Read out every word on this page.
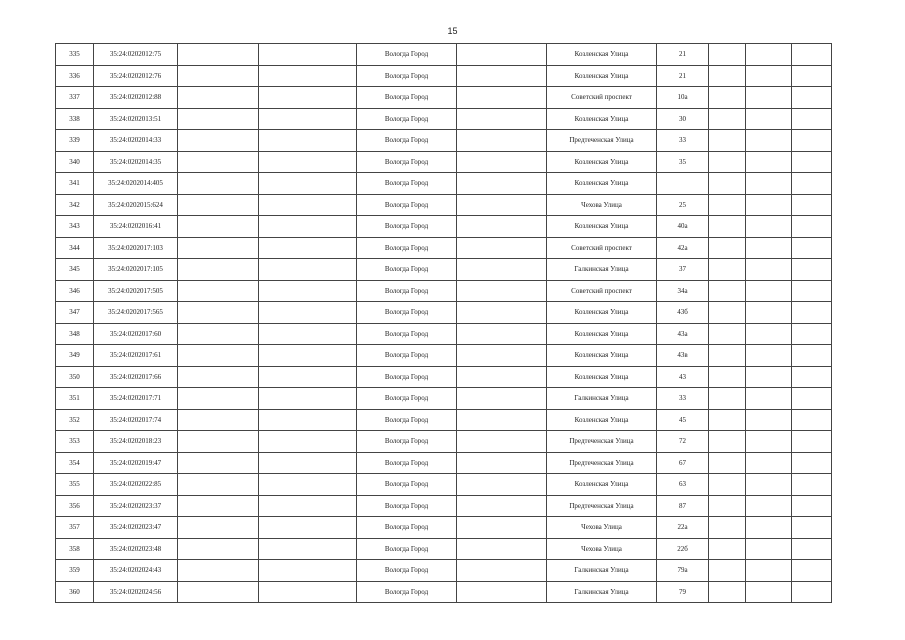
15
335	35:24:0202012:75			Вологда Город		Козленская Улица	21			
336	35:24:0202012:76			Вологда Город		Козленская Улица	21			
337	35:24:0202012:88			Вологда Город		Советский проспект	10а			
338	35:24:0202013:51			Вологда Город		Козленская Улица	30			
339	35:24:0202014:33			Вологда Город		Предтеченская Улица	33			
340	35:24:0202014:35			Вологда Город		Козленская Улица	35			
341	35:24:0202014:405			Вологда Город		Козленская Улица				
342	35:24:0202015:624			Вологда Город		Чехова Улица	25			
343	35:24:0202016:41			Вологда Город		Козленская Улица	40а			
344	35:24:0202017:103			Вологда Город		Советский проспект	42а			
345	35:24:0202017:105			Вологда Город		Галкинская Улица	37			
346	35:24:0202017:505			Вологда Город		Советский проспект	34а			
347	35:24:0202017:565			Вологда Город		Козленская Улица	43б			
348	35:24:0202017:60			Вологда Город		Козленская Улица	43а			
349	35:24:0202017:61			Вологда Город		Козленская Улица	43в			
350	35:24:0202017:66			Вологда Город		Козленская Улица	43			
351	35:24:0202017:71			Вологда Город		Галкинская Улица	33			
352	35:24:0202017:74			Вологда Город		Козленская Улица	45			
353	35:24:0202018:23			Вологда Город		Предтеченская Улица	72			
354	35:24:0202019:47			Вологда Город		Предтеченская Улица	67			
355	35:24:0202022:85			Вологда Город		Козленская Улица	63			
356	35:24:0202023:37			Вологда Город		Предтеченская Улица	87			
357	35:24:0202023:47			Вологда Город		Чехова Улица	22а			
358	35:24:0202023:48			Вологда Город		Чехова Улица	22б			
359	35:24:0202024:43			Вологда Город		Галкинская Улица	79а			
360	35:24:0202024:56			Вологда Город		Галкинская Улица	79			
